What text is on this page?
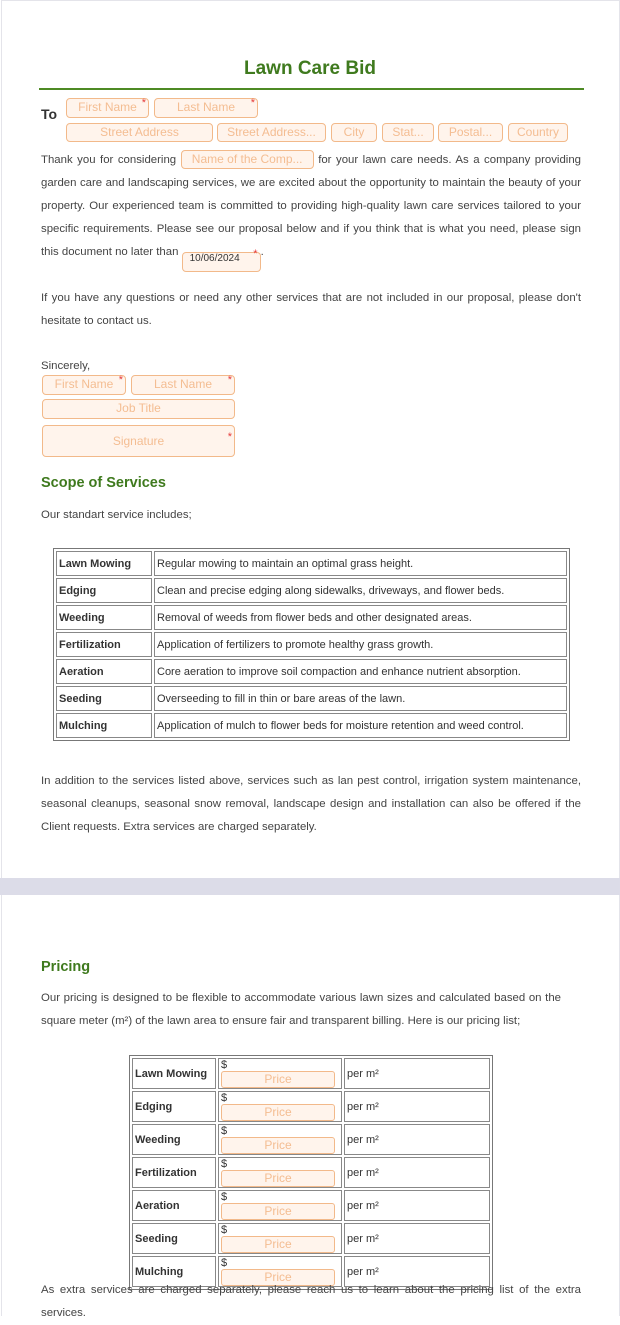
Lawn Care Bid
To	First Name *	Last Name *
Street Address	Street Address...	City	Stat...	Postal...	Country
Thank you for considering Name of the Comp... for your lawn care needs. As a company providing garden care and landscaping services, we are excited about the opportunity to maintain the beauty of your property. Our experienced team is committed to providing high-quality lawn care services tailored to your specific requirements. Please see our proposal below and if you think that is what you need, please sign this document no later than 10/06/2024 * .
If you have any questions or need any other services that are not included in our proposal, please don't hesitate to contact us.
Sincerely,
First Name *	Last Name *
Job Title
Signature	*
Scope of Services
Our standart service includes;
Lawn Mowing	Regular mowing to maintain an optimal grass height.
Edging	Clean and precise edging along sidewalks, driveways, and flower beds.
Weeding	Removal of weeds from flower beds and other designated areas.
Fertilization	Application of fertilizers to promote healthy grass growth.
Aeration	Core aeration to improve soil compaction and enhance nutrient absorption.
Seeding	Overseeding to fill in thin or bare areas of the lawn.
Mulching	Application of mulch to flower beds for moisture retention and weed control.
In addition to the services listed above, services such as lan pest control, irrigation system maintenance, seasonal cleanups, seasonal snow removal, landscape design and installation can also be offered if the Client requests. Extra services are charged separately.
Pricing
Our pricing is designed to be flexible to accommodate various lawn sizes and calculated based on the square meter (m²) of the lawn area to ensure fair and transparent billing. Here is our pricing list;
Lawn Mowing	$Price	per m²
Edging	$Price	per m²
Weeding	$Price	per m²
Fertilization	$Price	per m²
Aeration	$Price	per m²
Seeding	$Price	per m²
Mulching	$Price	per m²
As extra services are charged separately, please reach us to learn about the pricing list of the extra services.
